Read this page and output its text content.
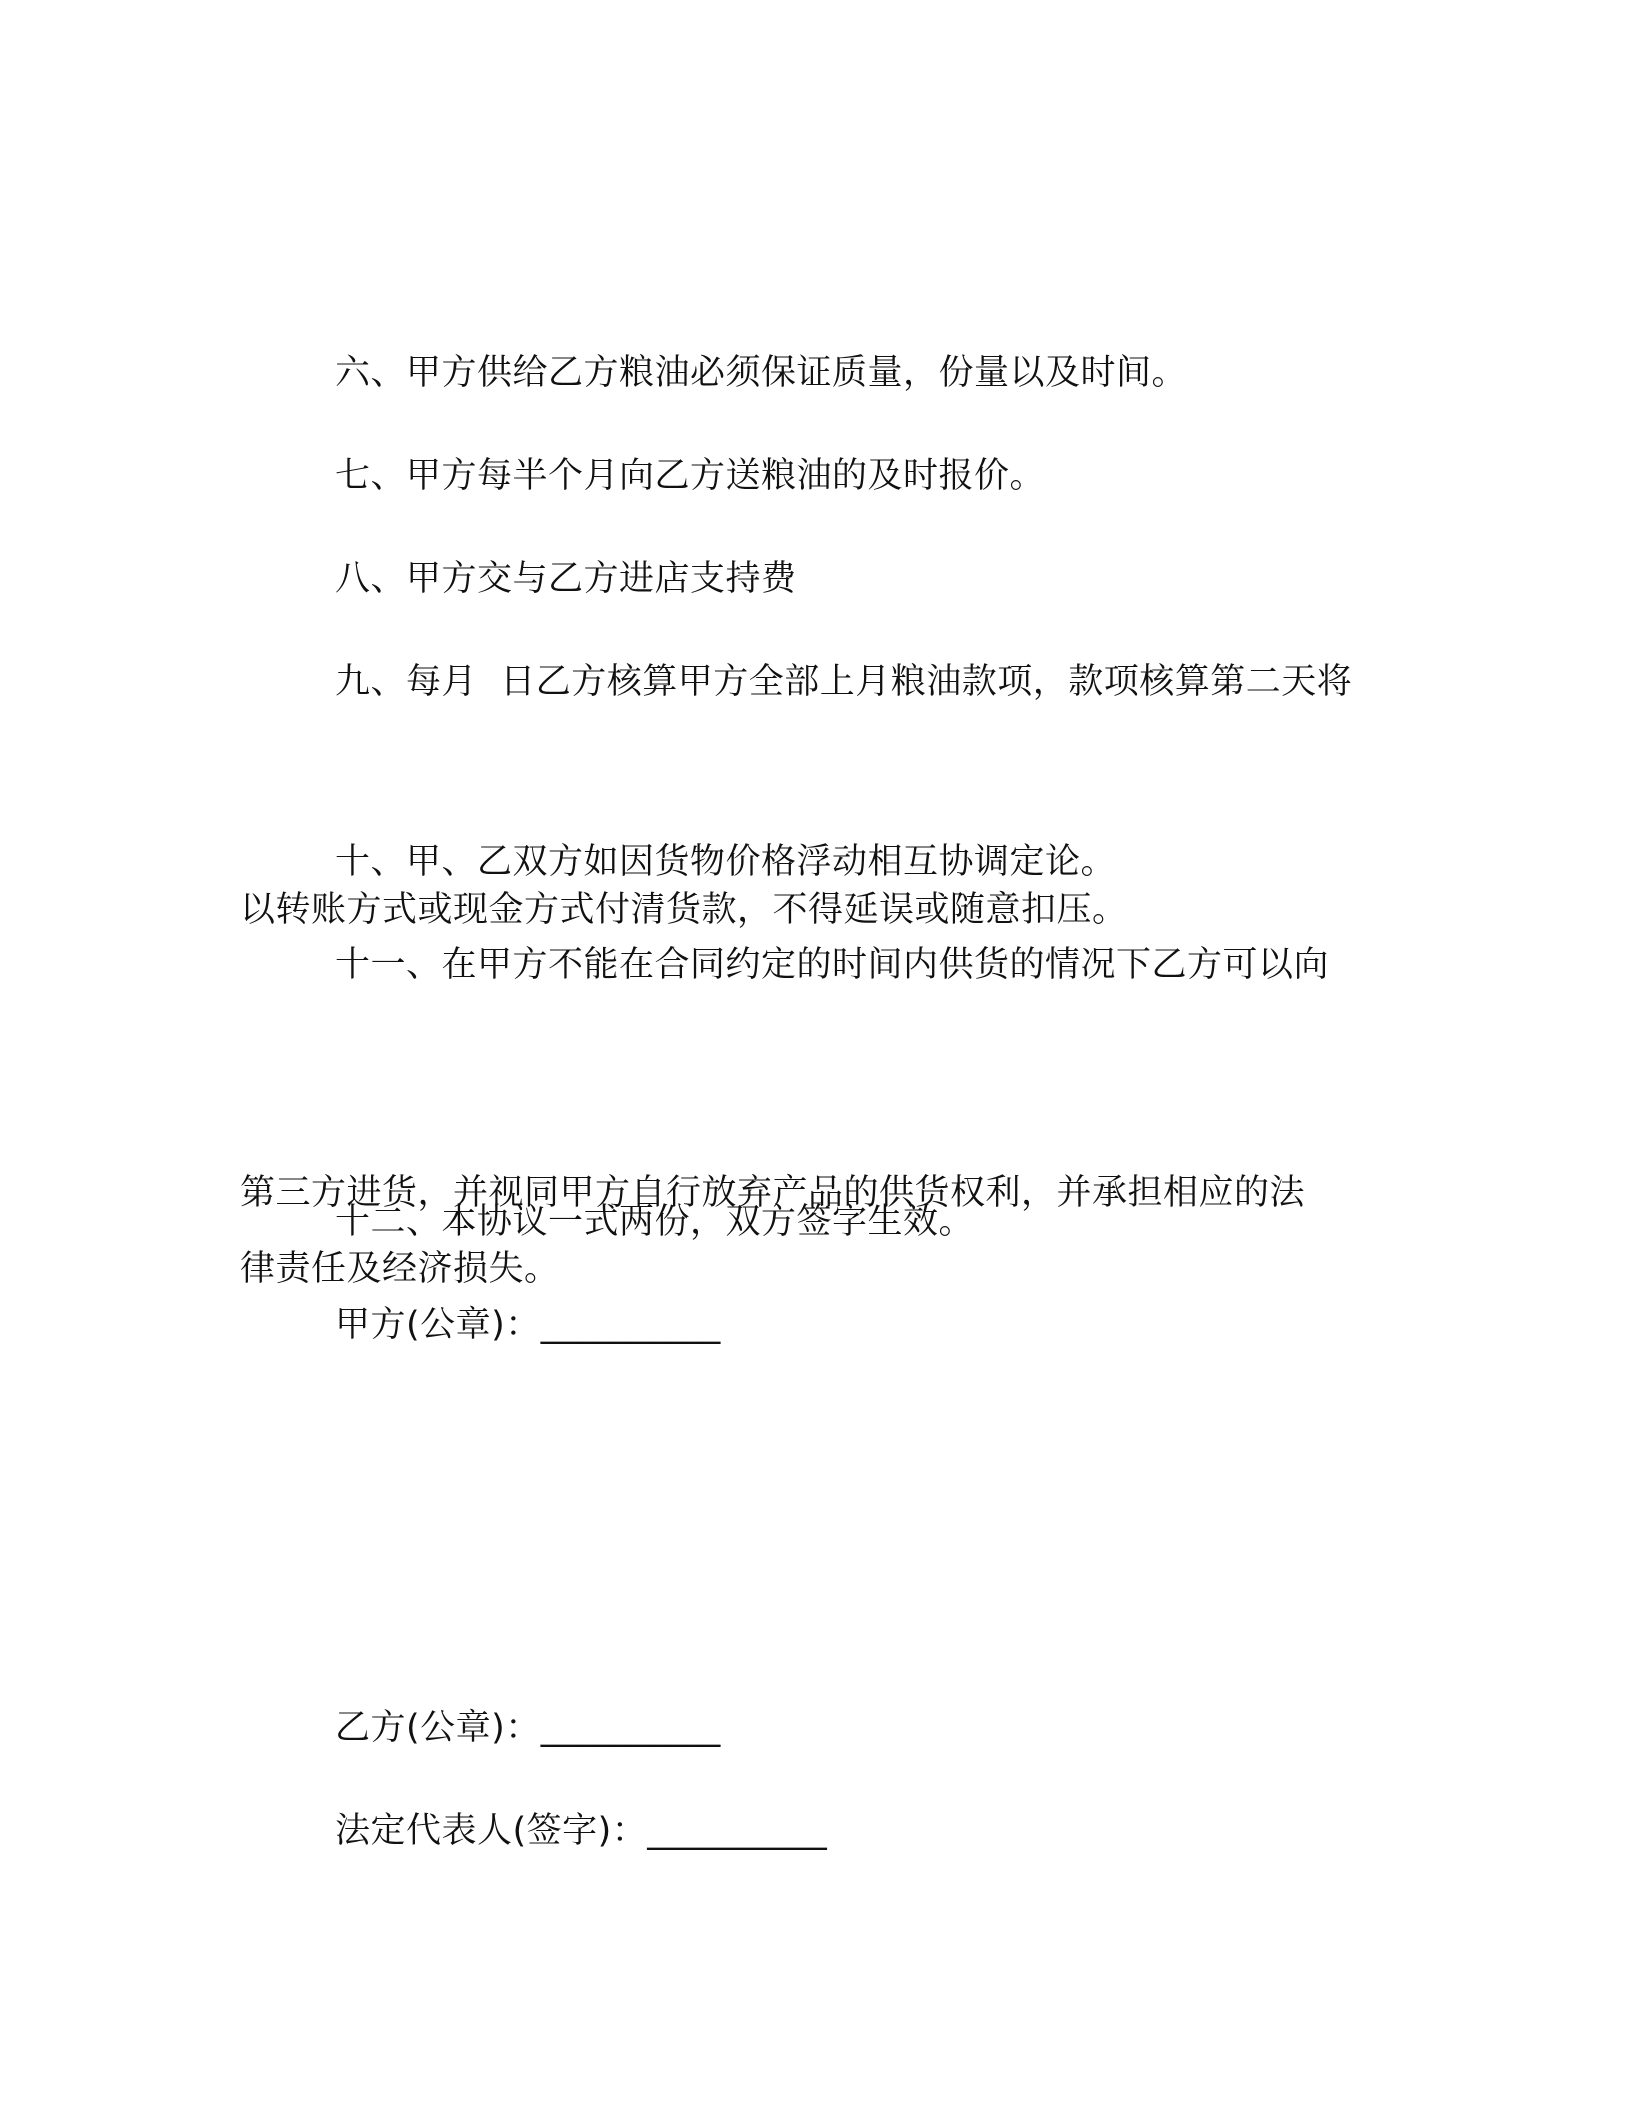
六、甲方供给乙方粮油必须保证质量，份量以及时间。

七、甲方每半个月向乙方送粮油的及时报价。

八、甲方交与乙方进店支持费

九、每月  日乙方核算甲方全部上月粮油款项，款项核算第二天将

以转账方式或现金方式付清货款，不得延误或随意扣压。

十、甲、乙双方如因货物价格浮动相互协调定论。

十一、在甲方不能在合同约定的时间内供货的情况下乙方可以向

第三方进货，并视同甲方自行放弃产品的供货权利，并承担相应的法
律责任及经济损失。

十二、本协议一式两份，双方签字生效。

甲方(公章)：__________

乙方(公章)：__________

法定代表人(签字)：__________
